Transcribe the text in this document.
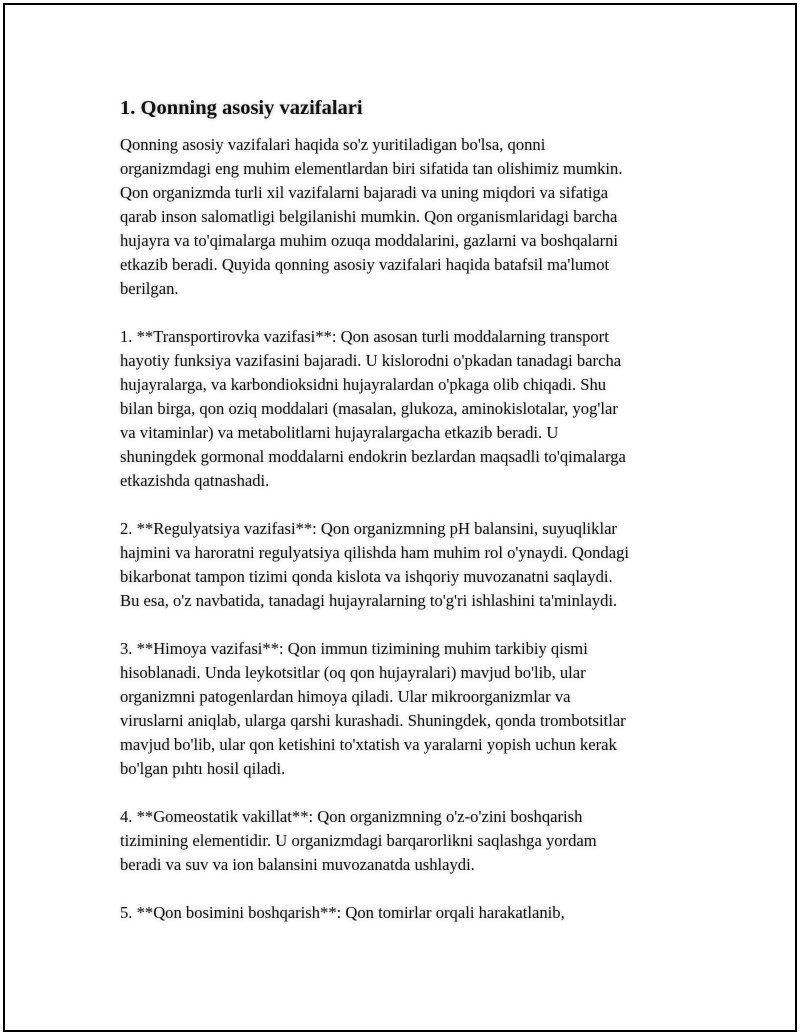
1. Qonning asosiy vazifalari

Qonning asosiy vazifalari haqida so'z yuritiladigan bo'lsa, qonni
organizmdagi eng muhim elementlardan biri sifatida tan olishimiz mumkin.
Qon organizmda turli xil vazifalarni bajaradi va uning miqdori va sifatiga
qarab inson salomatligi belgilanishi mumkin. Qon organismlaridagi barcha
hujayra va to'qimalarga muhim ozuqa moddalarini, gazlarni va boshqalarni
etkazib beradi. Quyida qonning asosiy vazifalari haqida batafsil ma'lumot
berilgan.

1. **Transportirovka vazifasi**: Qon asosan turli moddalarning transport
hayotiy funksiya vazifasini bajaradi. U kislorodni o'pkadan tanadagi barcha
hujayralarga, va karbondioksidni hujayralardan o'pkaga olib chiqadi. Shu
bilan birga, qon oziq moddalari (masalan, glukoza, aminokislotalar, yog'lar
va vitaminlar) va metabolitlarni hujayralargacha etkazib beradi. U
shuningdek gormonal moddalarni endokrin bezlardan maqsadli to'qimalarga
etkazishda qatnashadi.

2. **Regulyatsiya vazifasi**: Qon organizmning pH balansini, suyuqliklar
hajmini va haroratni regulyatsiya qilishda ham muhim rol o'ynaydi. Qondagi
bikarbonat tampon tizimi qonda kislota va ishqoriy muvozanatni saqlaydi.
Bu esa, o'z navbatida, tanadagi hujayralarning to'g'ri ishlashini ta'minlaydi.

3. **Himoya vazifasi**: Qon immun tizimining muhim tarkibiy qismi
hisoblanadi. Unda leykotsitlar (oq qon hujayralari) mavjud bo'lib, ular
organizmni patogenlardan himoya qiladi. Ular mikroorganizmlar va
viruslarni aniqlab, ularga qarshi kurashadi. Shuningdek, qonda trombotsitlar
mavjud bo'lib, ular qon ketishini to'xtatish va yaralarni yopish uchun kerak
bo'lgan pıhtı hosil qiladi.

4. **Gomeostatik vakillat**: Qon organizmning o'z-o'zini boshqarish
tizimining elementidir. U organizmdagi barqarorlikni saqlashga yordam
beradi va suv va ion balansini muvozanatda ushlaydi.

5. **Qon bosimini boshqarish**: Qon tomirlar orqali harakatlanib,
